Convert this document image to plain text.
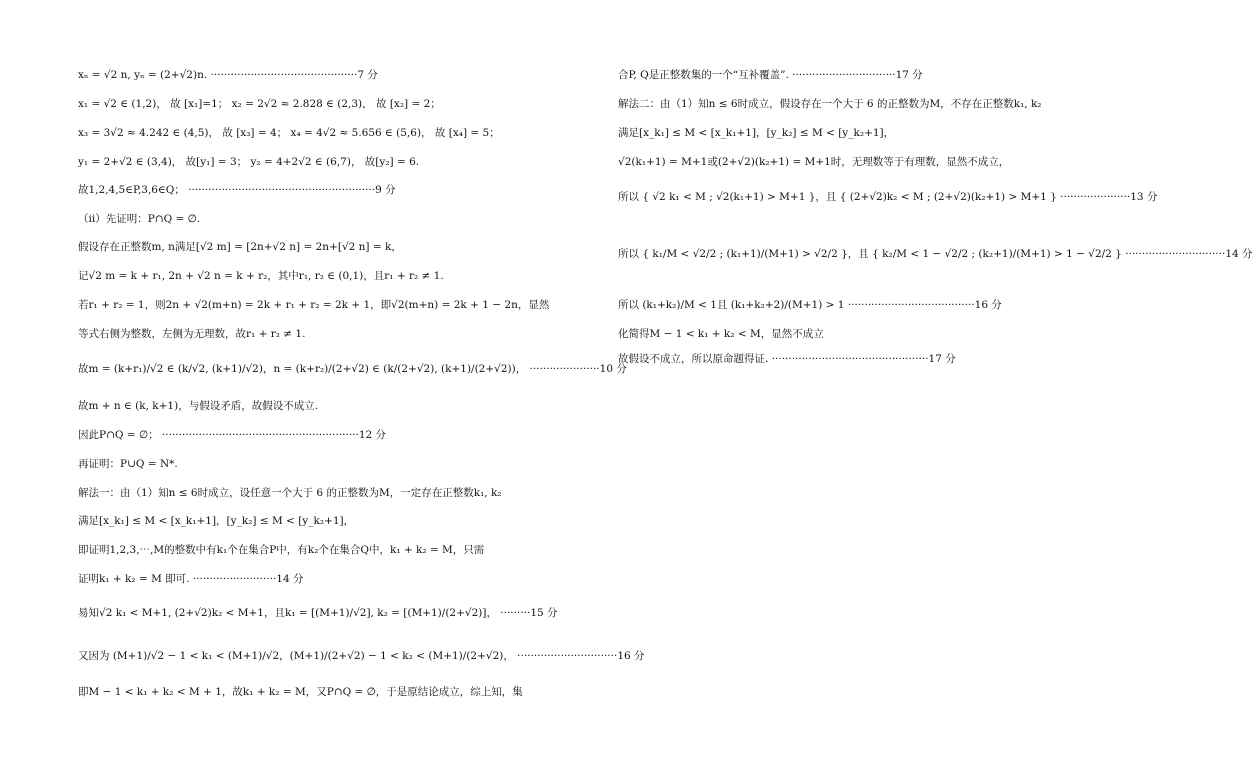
xₙ = √2 n, yₙ = (2+√2)n. ············································7 分
x₁ = √2 ∈ (1,2)， 故 [x₁]=1； x₂ = 2√2 ≈ 2.828 ∈ (2,3)， 故 [x₂] = 2；
x₃ = 3√2 ≈ 4.242 ∈ (4,5)， 故 [x₃] = 4； x₄ = 4√2 ≈ 5.656 ∈ (5,6)， 故 [x₄] = 5；
y₁ = 2+√2 ∈ (3,4)， 故[y₁] = 3； y₂ = 4+2√2 ∈ (6,7)， 故[y₂] = 6.
故1,2,4,5∈P,3,6∈Q； ························································9 分
（ⅱ）先证明：P∩Q = ∅.
假设存在正整数m, n满足[√2 m] = [2n+√2 n] = 2n+[√2 n] = k，
记√2 m = k + r₁, 2n + √2 n = k + r₂，其中r₁, r₂ ∈ (0,1)，且r₁ + r₂ ≠ 1.
若r₁ + r₂ = 1，则2n + √2(m+n) = 2k + r₁ + r₂ = 2k + 1，即√2(m+n) = 2k + 1 − 2n，显然
等式右侧为整数，左侧为无理数，故r₁ + r₂ ≠ 1.
故m = (k+r₁)/√2 ∈ (k/√2, (k+1)/√2)，n = (k+r₂)/(2+√2) ∈ (k/(2+√2), (k+1)/(2+√2))， ·····················10 分
故m + n ∈ (k, k+1)，与假设矛盾，故假设不成立.
因此P∩Q = ∅； ···························································12 分
再证明：P∪Q = N*.
解法一：由（1）知n ≤ 6时成立，设任意一个大于 6 的正整数为M，一定存在正整数k₁, k₂
满足[x_k₁] ≤ M < [x_k₁+1]，[y_k₂] ≤ M < [y_k₂+1]，
即证明1,2,3,⋯,M的整数中有k₁个在集合P中，有k₂个在集合Q中，k₁ + k₂ = M，只需
证明k₁ + k₂ = M 即可. ·························14 分
易知√2 k₁ < M+1, (2+√2)k₂ < M+1，且k₁ = [(M+1)/√2], k₂ = [(M+1)/(2+√2)]， ·········15 分
又因为 (M+1)/√2 − 1 < k₁ < (M+1)/√2，(M+1)/(2+√2) − 1 < k₂ < (M+1)/(2+√2)， ······························16 分
即M − 1 < k₁ + k₂ < M + 1，故k₁ + k₂ = M，又P∩Q = ∅，于是原结论成立，综上知，集
合P, Q是正整数集的一个“互补覆盖”. ·······························17 分
解法二：由（1）知n ≤ 6时成立，假设存在一个大于 6 的正整数为M，不存在正整数k₁, k₂
满足[x_k₁] ≤ M < [x_k₁+1]，[y_k₂] ≤ M < [y_k₂+1]，
√2(k₁+1) = M+1或(2+√2)(k₂+1) = M+1时，无理数等于有理数，显然不成立，
所以 { √2 k₁ < M ; √2(k₁+1) > M+1 }，且 { (2+√2)k₂ < M ; (2+√2)(k₂+1) > M+1 } ·····················13 分
所以 { k₁/M < √2/2 ; (k₁+1)/(M+1) > √2/2 }，且 { k₂/M < 1 − √2/2 ; (k₂+1)/(M+1) > 1 − √2/2 } ······························14 分
所以 (k₁+k₂)/M < 1且 (k₁+k₂+2)/(M+1) > 1 ······································16 分
化简得M − 1 < k₁ + k₂ < M，显然不成立
故假设不成立，所以原命题得证. ···············································17 分
